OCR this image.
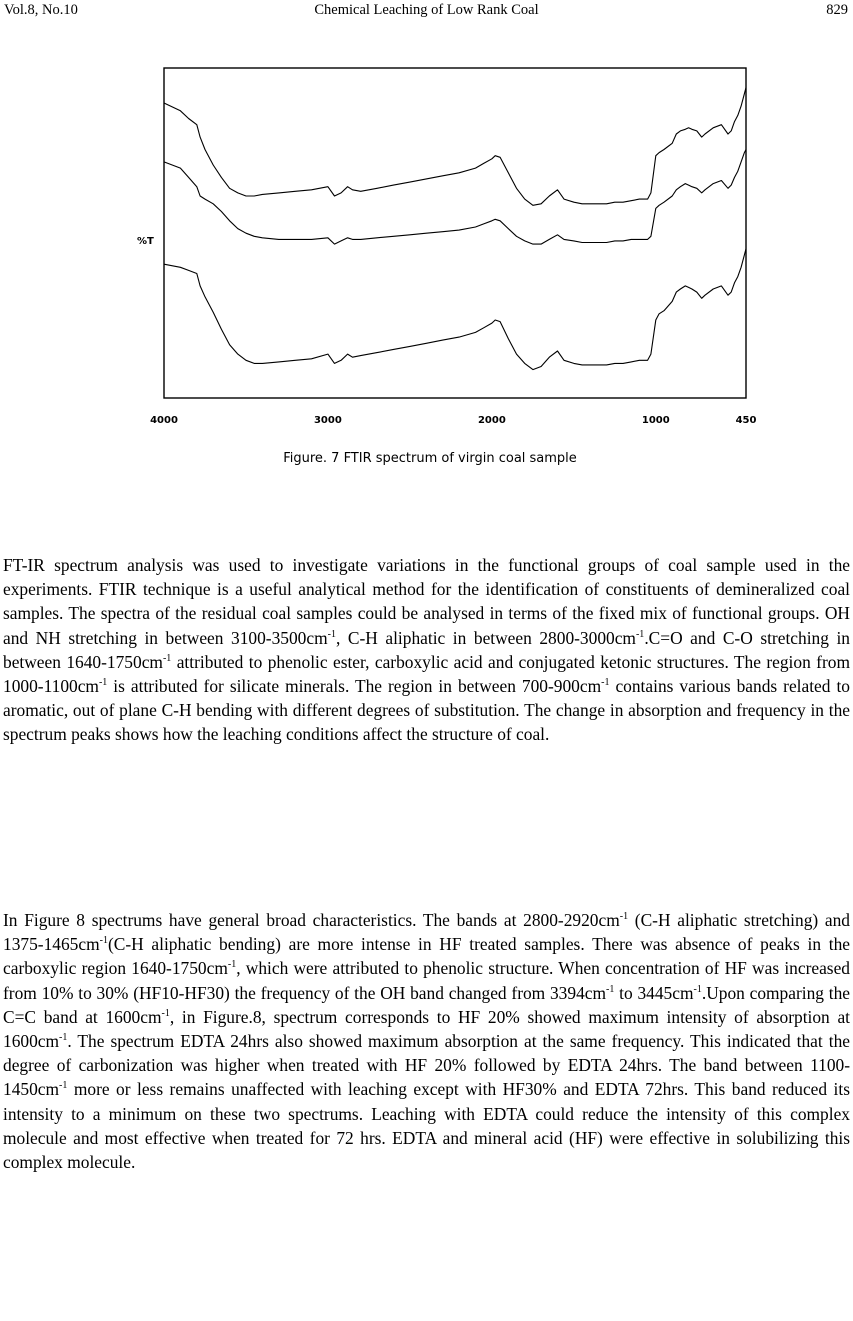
Vol.8, No.10	Chemical Leaching of Low Rank Coal	829
%T
4000	3000	2000	1000	450
Figure. 7 FTIR spectrum of virgin coal sample

FT-IR spectrum analysis was used to investigate variations in the functional groups of coal sample used in the experiments. FTIR technique is a useful analytical method for the identification of constituents of demineralized coal samples. The spectra of the residual coal samples could be analysed in terms of the fixed mix of functional groups. OH and NH stretching in between $3100-3500cm^{-1}$, C-H aliphatic in between $2800-3000cm^{-1}.C=O$ and C-O stretching in between $1640-1750cm^{-1}$ attributed to phenolic ester, carboxylic acid and conjugated ketonic structures. The region from $1000-1100cm^{-1}$ is attributed for silicate minerals. The region in between $700-900cm^{-1}$ contains various bands related to aromatic, out of plane C-H bending with different degrees of substitution. The change in absorption and frequency in the spectrum peaks shows how the leaching conditions affect the structure of coal.

In Figure 8 spectrums have general broad characteristics. The bands at $2800-2920cm^{-1}$ (C-H aliphatic stretching) and $1375-1465cm^{-1}(C-H$ aliphatic bending) are more intense in HF treated samples. There was absence of peaks in the carboxylic region $1640-1750cm^{-1}$, which were attributed to phenolic structure. When concentration of HF was increased from 10% to 30% (HF10-HF30) the frequency of the OH band changed from $3394cm^{-1}$ to $3445cm^{-1}.Upon$ comparing the C=C band at $1600cm^{-1}$, in Figure.8, spectrum corresponds to HF 20% showed maximum intensity of absorption at $1600cm^{-1}$. The spectrum EDTA 24hrs also showed maximum absorption at the same frequency. This indicated that the degree of carbonization was higher when treated with HF 20% followed by EDTA 24hrs. The band between $1100-1450cm^{-1}$ more or less remains unaffected with leaching except with HF30% and EDTA 72hrs. This band reduced its intensity to a minimum on these two spectrums. Leaching with EDTA could reduce the intensity of this complex molecule and most effective when treated for 72 hrs. EDTA and mineral acid (HF) were effective in solubilizing this complex molecule.
